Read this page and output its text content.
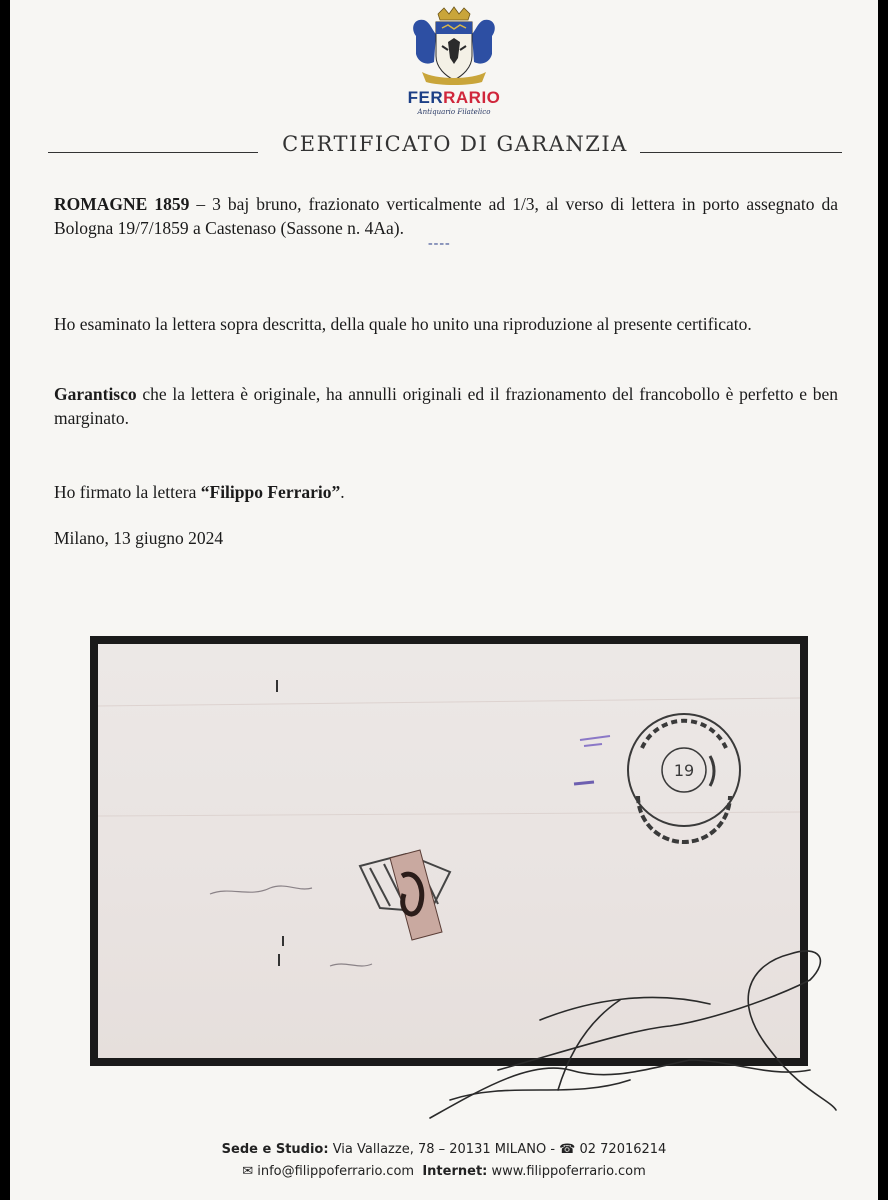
FERRARIO
Antiquario Filatelico
CERTIFICATO DI GARANZIA

ROMAGNE 1859 – 3 baj bruno, frazionato verticalmente ad 1/3, al verso di lettera in porto assegnato da Bologna 19/7/1859 a Castenaso (Sassone n. 4Aa).

----

Ho esaminato la lettera sopra descritta, della quale ho unito una riproduzione al presente certificato.

Garantisco che la lettera è originale, ha annulli originali ed il frazionamento del francobollo è perfetto e ben marginato.

Ho firmato la lettera “Filippo Ferrario”.

Milano, 13 giugno 2024

19
Sede e Studio: Via Vallazze, 78 – 20131 MILANO - ☎ 02 72016214
✉ info@filippoferrario.com Internet: www.filippoferrario.com
